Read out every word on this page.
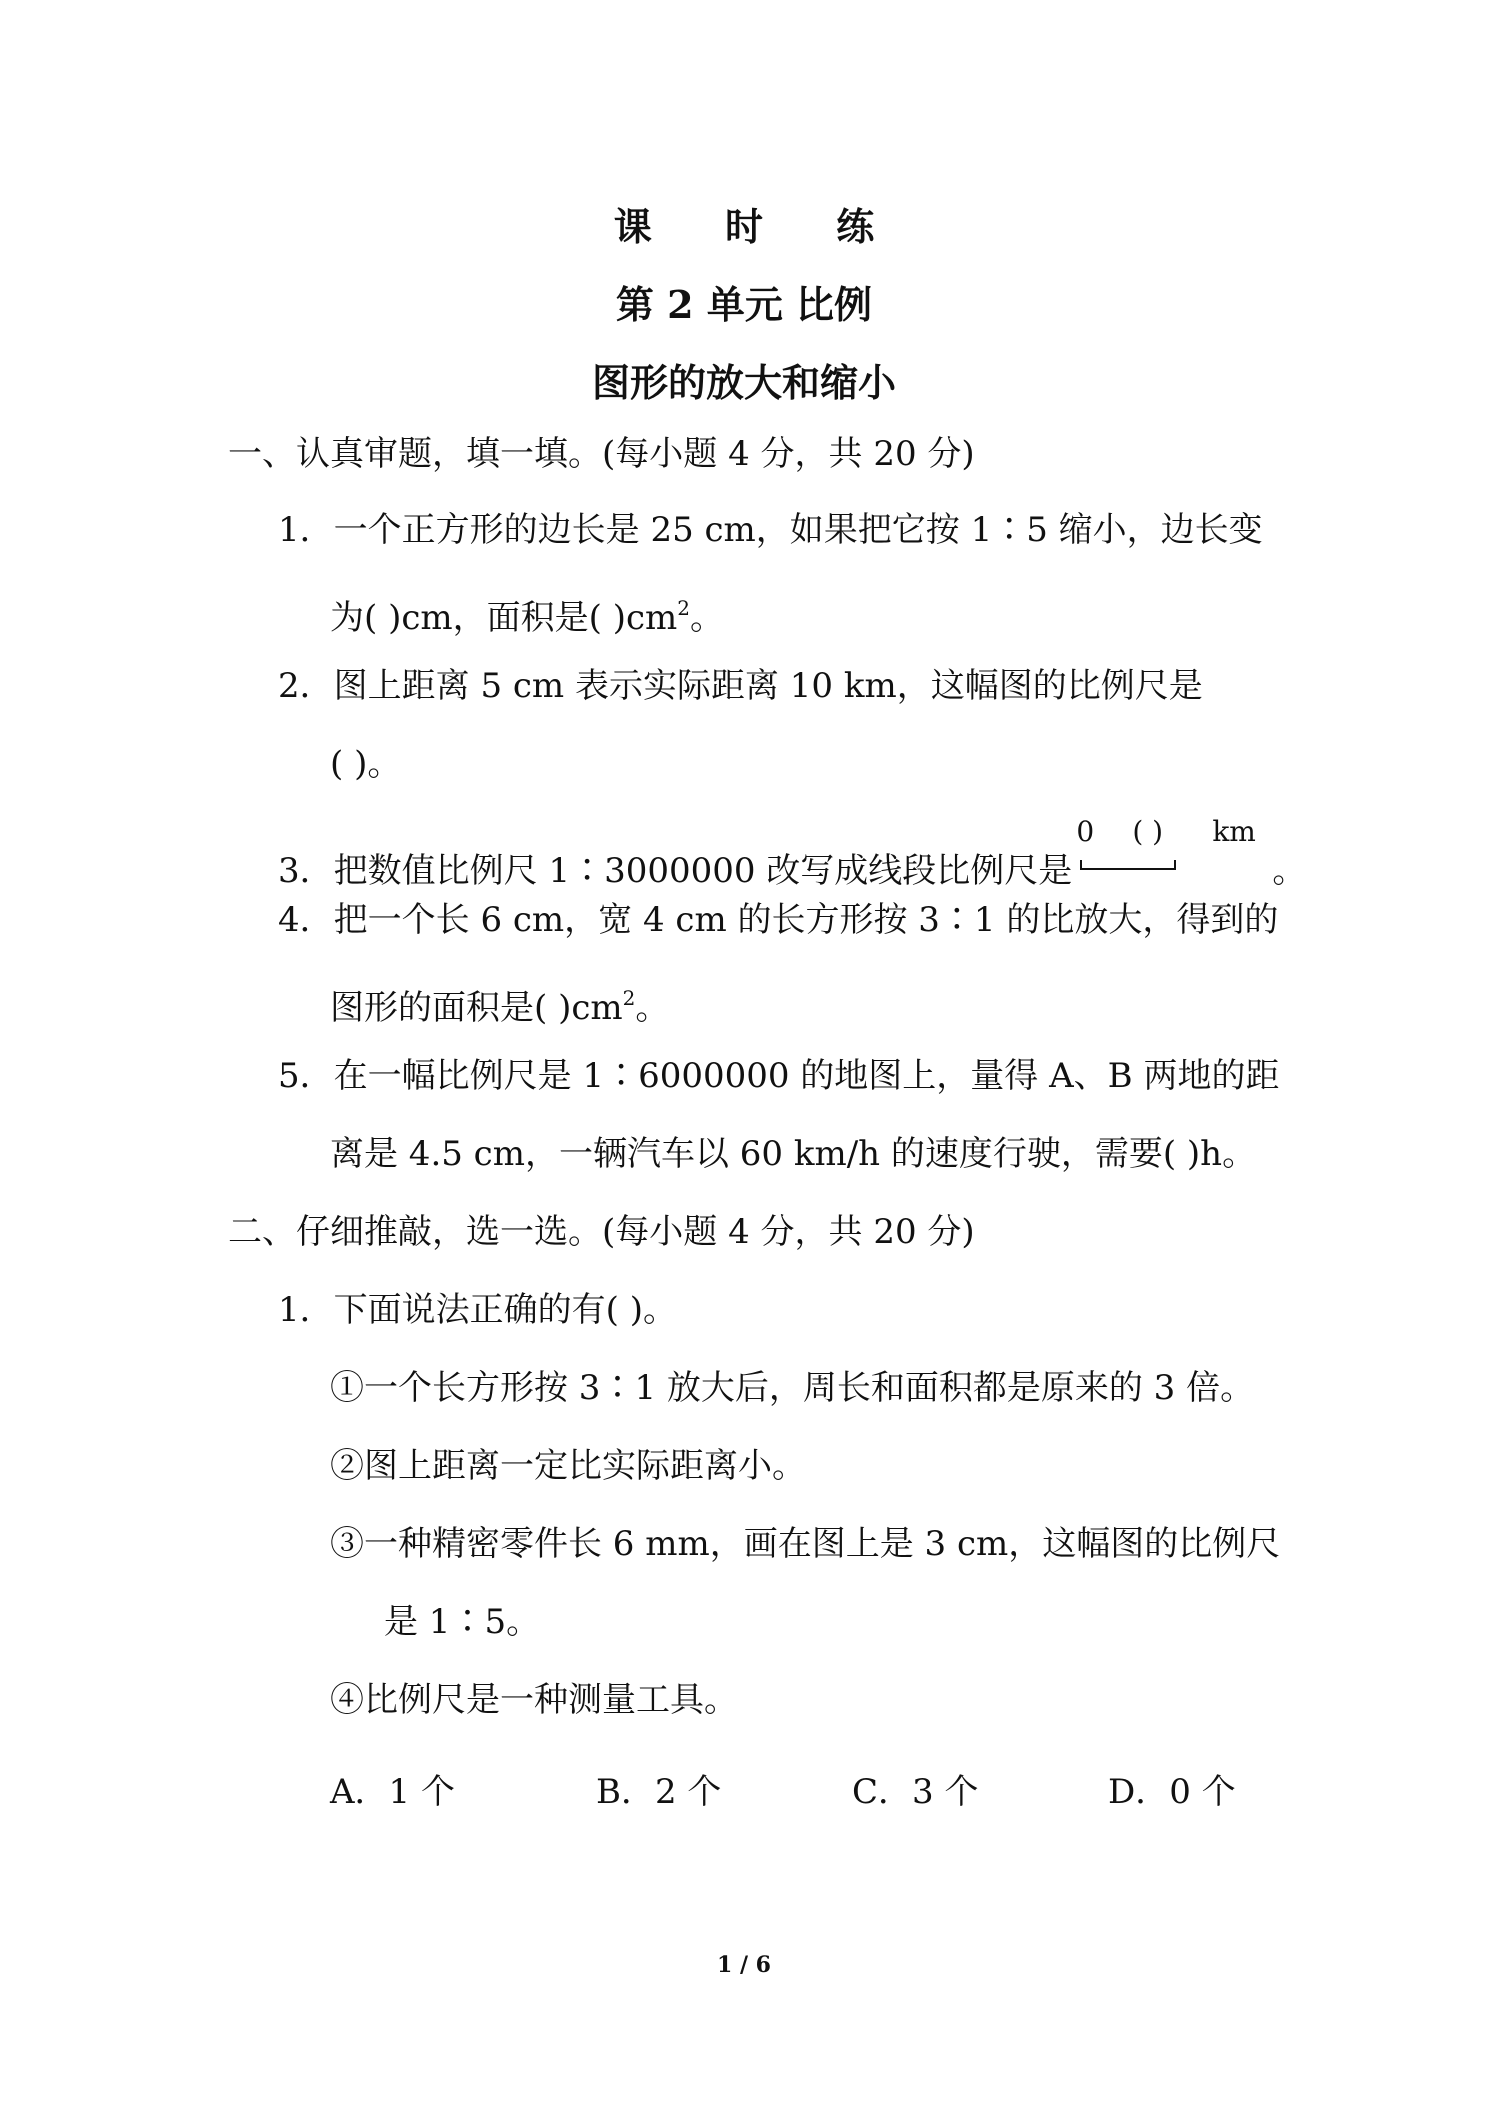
课 时 练
第 2 单元 比例
图形的放大和缩小
一、认真审题，填一填。(每小题 4 分，共 20 分)
1．一个正方形的边长是 25 cm，如果把它按 1∶5 缩小，边长变
为( )cm，面积是( )$cm^2$。
2．图上距离 5 cm 表示实际距离 10 km，这幅图的比例尺是
( )。
3．把数值比例尺 1∶3000000 改写成线段比例尺是
0 ( ) km
。
4．把一个长 6 cm，宽 4 cm 的长方形按 3∶1 的比放大，得到的
图形的面积是( )$cm^2$。
5．在一幅比例尺是 1∶6000000 的地图上，量得 A、B 两地的距
离是 4.5 cm，一辆汽车以 60 km/h 的速度行驶，需要( )h。
二、仔细推敲，选一选。(每小题 4 分，共 20 分)
1．下面说法正确的有( )。
①一个长方形按 3∶1 放大后，周长和面积都是原来的 3 倍。
②图上距离一定比实际距离小。
③一种精密零件长 6 mm，画在图上是 3 cm，这幅图的比例尺
是 1∶5。
④比例尺是一种测量工具。
A．1 个	B．2 个	C．3 个	D．0 个
1 / 6
